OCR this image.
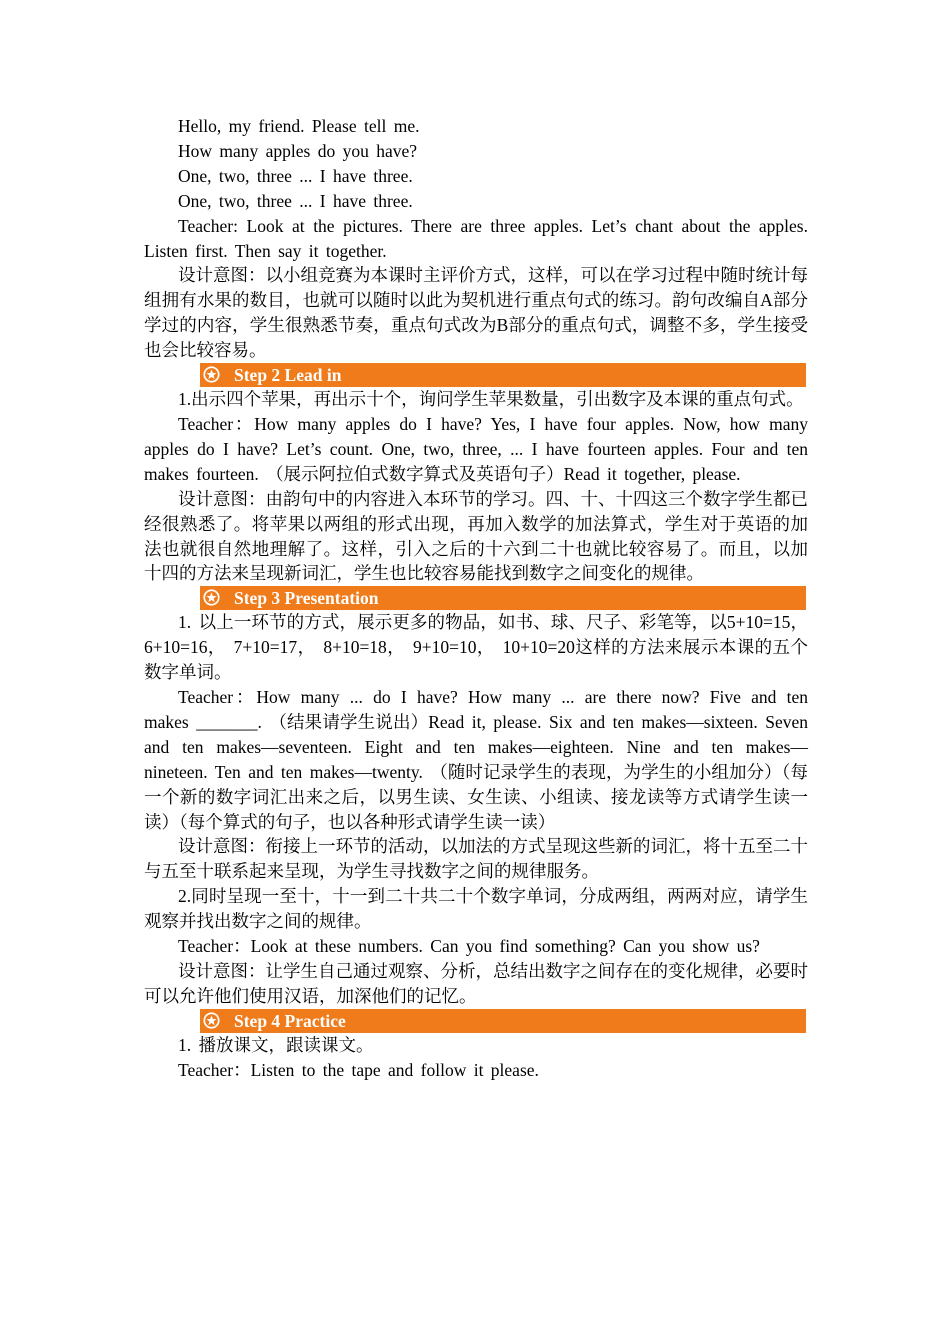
Hello, my friend. Please tell me.

How many apples do you have?

One, two, three ... I have three.

One, two, three ... I have three.

Teacher: Look at the pictures. There are three apples. Let’s chant about the apples. Listen first. Then say it together.

设计意图：以小组竞赛为本课时主评价方式，这样，可以在学习过程中随时统计每组拥有水果的数目，也就可以随时以此为契机进行重点句式的练习。韵句改编自A部分学过的内容，学生很熟悉节奏，重点句式改为B部分的重点句式，调整不多，学生接受也会比较容易。

Step 2 Lead in

1.出示四个苹果，再出示十个，询问学生苹果数量，引出数字及本课的重点句式。

Teacher：How many apples do I have? Yes, I have four apples. Now, how many apples do I have? Let’s count. One, two, three, ... I have fourteen apples. Four and ten makes fourteen. （展示阿拉伯式数字算式及英语句子）Read it together, please.

设计意图：由韵句中的内容进入本环节的学习。四、十、十四这三个数字学生都已经很熟悉了。将苹果以两组的形式出现，再加入数学的加法算式，学生对于英语的加法也就很自然地理解了。这样，引入之后的十六到二十也就比较容易了。而且，以加十四的方法来呈现新词汇，学生也比较容易能找到数字之间变化的规律。

Step 3 Presentation

1. 以上一环节的方式，展示更多的物品，如书、球、尺子、彩笔等，以5+10=15， 6+10=16， 7+10=17， 8+10=18， 9+10=10， 10+10=20这样的方法来展示本课的五个数字单词。

Teacher：How many ... do I have? How many ... are there now? Five and ten makes _______. （结果请学生说出）Read it, please. Six and ten makes—sixteen. Seven and ten makes—seventeen. Eight and ten makes—eighteen. Nine and ten makes—nineteen. Ten and ten makes—twenty. （随时记录学生的表现，为学生的小组加分）（每一个新的数字词汇出来之后，以男生读、女生读、小组读、接龙读等方式请学生读一读）（每个算式的句子，也以各种形式请学生读一读）

设计意图：衔接上一环节的活动，以加法的方式呈现这些新的词汇，将十五至二十与五至十联系起来呈现，为学生寻找数字之间的规律服务。

2.同时呈现一至十，十一到二十共二十个数字单词，分成两组，两两对应，请学生观察并找出数字之间的规律。

Teacher：Look at these numbers. Can you find something? Can you show us?

设计意图：让学生自己通过观察、分析，总结出数字之间存在的变化规律，必要时可以允许他们使用汉语，加深他们的记忆。

Step 4 Practice

1. 播放课文，跟读课文。

Teacher：Listen to the tape and follow it please.
